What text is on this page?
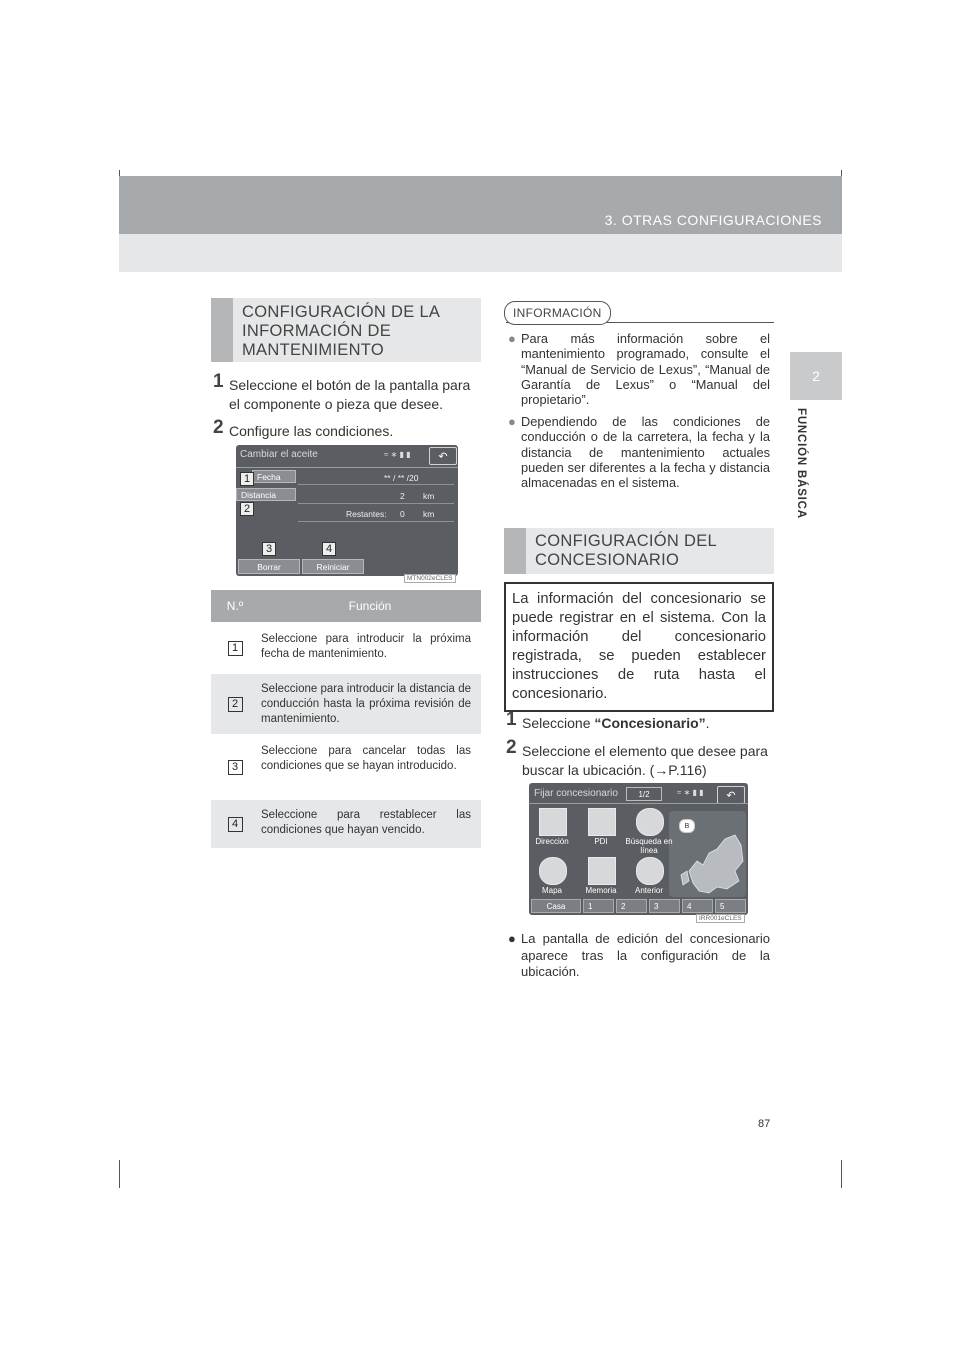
3. OTRAS CONFIGURACIONES
2
FUNCIÓN BÁSICA
CONFIGURACIÓN DE LA
INFORMACIÓN DE
MANTENIMIENTO
1 Seleccione el botón de la pantalla para el componente o pieza que desee.
2 Configure las condiciones.
Cambiar el aceite	≈ ∗ ▮ ▮	↶
Fecha	** / ** /20
Distancia	2 km
Restantes: 0 km
Borrar	Reiniciar
1
2
3	4
MTN002eCLES
N.º	Función
1
Seleccione para introducir la próxima fecha de mantenimiento.
2
Seleccione para introducir la distancia de conducción hasta la próxima revisión de mantenimiento.
3
Seleccione para cancelar todas las condiciones que se hayan introducido.
4
Seleccione para restablecer las condiciones que hayan vencido.
INFORMACIÓN
● Para más información sobre el mantenimiento programado, consulte el “Manual de Servicio de Lexus”, “Manual de Garantía de Lexus” o “Manual del propietario”.
● Dependiendo de las condiciones de conducción o de la carretera, la fecha y la distancia de mantenimiento actuales pueden ser diferentes a la fecha y distancia almacenadas en el sistema.
CONFIGURACIÓN DEL
CONCESIONARIO
La información del concesionario se puede registrar en el sistema. Con la información del concesionario registrada, se pueden establecer instrucciones de ruta hasta el concesionario.
1 Seleccione “Concesionario”.
2 Seleccione el elemento que desee para buscar la ubicación. (→P.116)
Fijar concesionario	1/2	≈ ∗ ▮ ▮	↶
B
Dirección	PDI	Búsqueda en línea
Mapa	Memoria	Anterior
Casa	1	2	3	4	5
IRR001eCLES
● La pantalla de edición del concesionario aparece tras la configuración de la ubicación.
87
